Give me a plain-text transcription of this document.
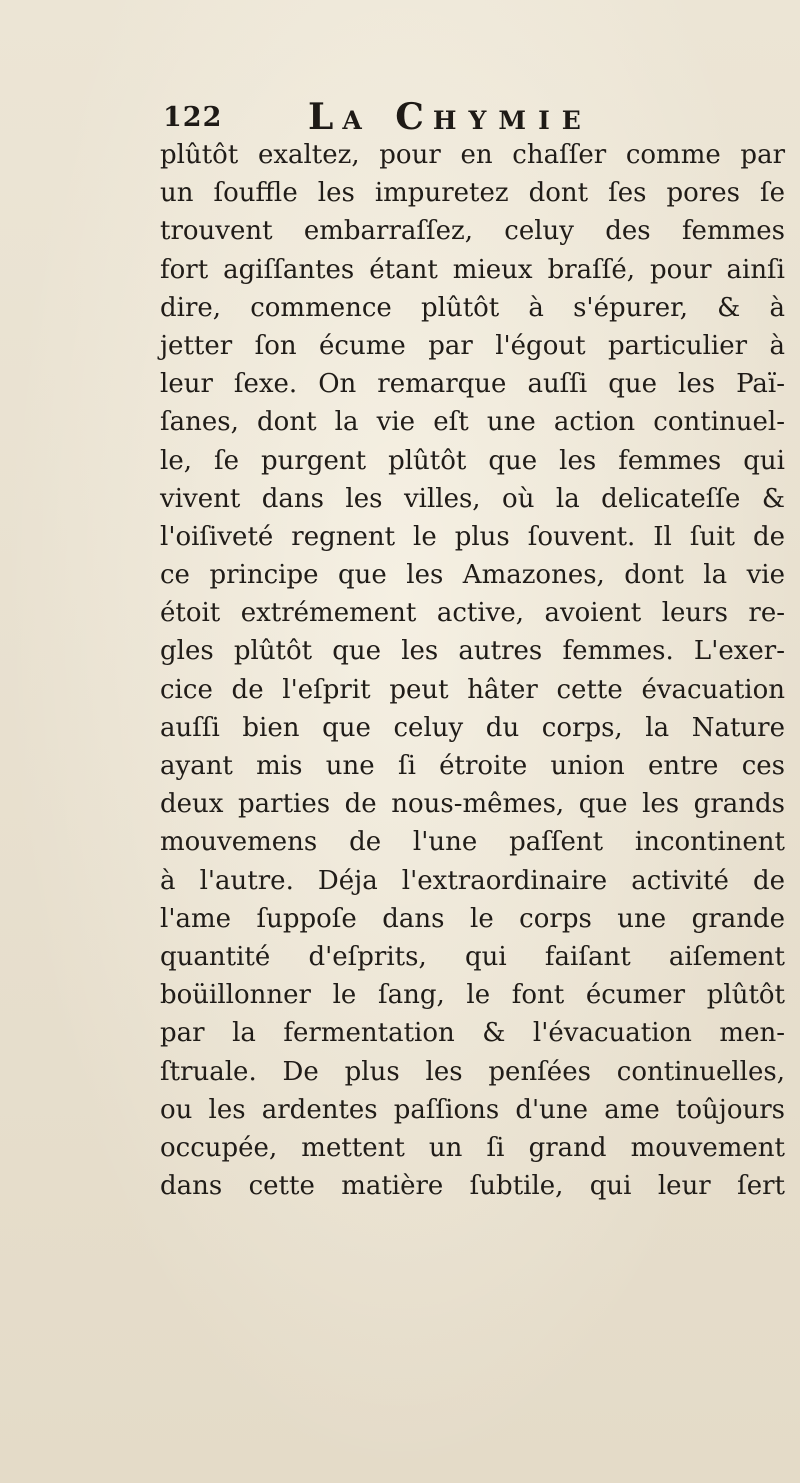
122 LA CHYMIE
plûtôt exaltez, pour en chaſſer comme par
un ſouffle les impuretez dont ſes pores ſe
trouvent embarraſſez, celuy des femmes
fort agiſſantes étant mieux braſſé, pour ainſi
dire, commence plûtôt à s'épurer, & à
jetter ſon écume par l'égout particulier à
leur ſexe. On remarque auſſi que les Paï-
ſanes, dont la vie eſt une action continuel-
le, ſe purgent plûtôt que les femmes qui
vivent dans les villes, où la delicateſſe &
l'oiſiveté regnent le plus ſouvent. Il ſuit de
ce principe que les Amazones, dont la vie
étoit extrémement active, avoient leurs re-
gles plûtôt que les autres femmes. L'exer-
cice de l'eſprit peut hâter cette évacuation
auſſi bien que celuy du corps, la Nature
ayant mis une ſi étroite union entre ces
deux parties de nous-mêmes, que les grands
mouvemens de l'une paſſent incontinent
à l'autre. Déja l'extraordinaire activité de
l'ame ſuppoſe dans le corps une grande
quantité d'eſprits, qui faiſant aiſement
boüillonner le ſang, le font écumer plûtôt
par la fermentation & l'évacuation men-
ſtruale. De plus les penſées continuelles,
ou les ardentes paſſions d'une ame toûjours
occupée, mettent un ſi grand mouvement
dans cette matière ſubtile, qui leur ſert
